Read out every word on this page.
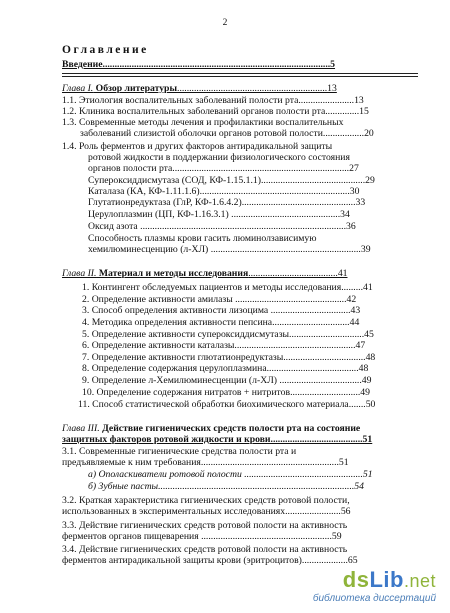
2
Оглавление
Введение..............................................................................................5
Глава I. Обзор литературы..............................................................13
1.1. Этиология воспалительных заболеваний полости рта.......................13
1.2. Клиника воспалительных заболеваний органов полости рта..............15
1.3. Современные методы лечения и профилактики воспалительных
заболеваний слизистой оболочки органов ротовой полости.................20
1.4. Роль ферментов и других факторов антирадикальной защиты
ротовой жидкости в поддержании физиологического состояния
органов полости рта.........................................................................27
Супероксиддисмутаза (СОД, КФ-1.15.1.1)...........................................29
Каталаза (КА, КФ-1.11.1.6)..............................................................30
Глутатионредуктаза (ГлР, КФ-1.6.4.2)...............................................33
Церулоплазмин (ЦП, КФ-1.16.3.1) .............................................34
Оксид азота .....................................................................................36
Способность плазмы крови гасить люминолзависимую
хемилюминесценцию (л-ХЛ) ..............................................................39
Глава II. Материал и методы исследования.....................................41
1. Контингент обследуемых пациентов и методы исследования.........41
2. Определение активности амилазы ..............................................42
3. Способ определения активности лизоцима .................................43
4. Методика определения активности пепсина................................44
5. Определение активности супероксиддисмутазы...............................45
6. Определение активности каталазы..................................................47
7. Определение активности глютатионредуктазы..................................48
8. Определение содержания церулоплазмина......................................48
9. Определение л-Хемилюминесценции (л-ХЛ) ..................................49
10. Определение содержания нитратов + нитритов.............................49
11. Способ статистической обработки биохимического материала.......50
Глава III. Действие гигиенических средств полости рта на состояние
защитных факторов ротовой жидкости и крови......................................51
3.1. Современные гигиенические средства полости рта и
предъявляемые к ним требования.........................................................51
а) Ополаскиватели ротовой полости .................................................51
б) Зубные пасты.................................................................................54
3.2. Краткая характеристика гигиенических средств ротовой полости,
использованных в экспериментальных исследованиях.......................56
3.3. Действие гигиенических средств ротовой полости на активность
ферментов органов пищеварения ......................................................59
3.4. Действие гигиенических средств ротовой полости на активность
ферментов антирадикальной защиты крови (эритроцитов)...................65
dsLib.net
библиотека диссертаций
